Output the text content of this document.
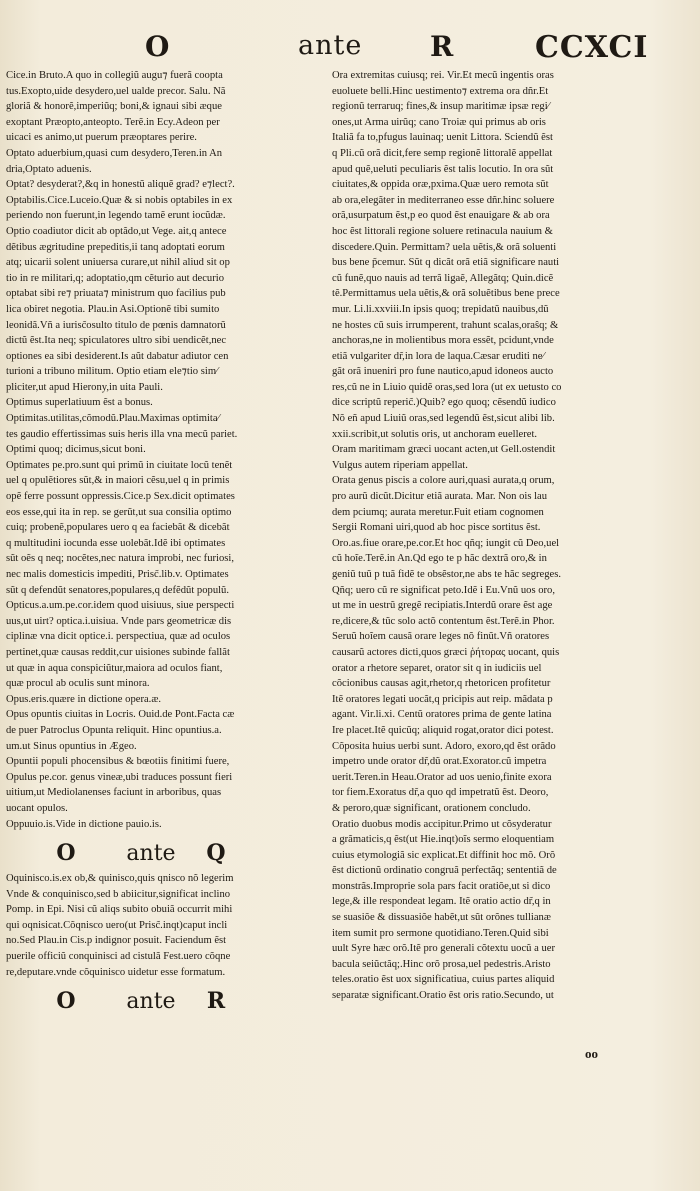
O	ante R	CCXCI

Cice.in Bruto.A quo in collegiũ augu⁊ fuerã coopta

tus.Exopto,uide desydero,uel ualde precor. Salu. Nã

gloriã & honorẽ,imperiũq; boni,& ignaui sibi æque

exoptant Præopto,anteopto. Terẽ.in Ecy.Adeon per

uicaci es animo,ut puerum præoptares perire.

Optato aduerbium,quasi cum desydero,Teren.in An

dria,Optato aduenis.

Optat? desyderat?,&q in honestũ aliquẽ grad? e⁊lect?.

Optabilis.Cice.Luceio.Quæ & si nobis optabiles in ex

periendo non fuerunt,in legendo tamẽ erunt iocũdæ.

Optio coadiutor dicit ab optãdo,ut Vege. ait,q antece

dẽtibus ægritudine prepeditis,ii tanq adoptati eorum

atq; uicarii solent uniuersa curare,ut nihil aliud sit op

tio in re militari,q; adoptatio,qm cẽturio aut decurio

optabat sibi re⁊ priuata⁊ ministrum quo facilius pub

lica obiret negotia. Plau.in Asi.Optionẽ tibi sumito

leonidã.Vñ a iurisc̃osulto titulo de pœnis damnatorũ

dictũ ẽst.Ita neq; spiculatores ultro sibi uendicẽt,nec

optiones ea sibi desiderent.Is aũt dabatur adiutor cen

turioni a tribuno militum. Optio etiam ele⁊tio sim⁄

pliciter,ut apud Hierony,in uita Pauli.

Optimus superlatiuum ẽst a bonus.

Optimitas.utilitas,cõmodũ.Plau.Maximas optimita⁄

tes gaudio effertissimas suis heris illa vna mecũ pariet.

Optimi quoq; dicimus,sicut boni.

Optimates pe.pro.sunt qui primũ in ciuitate locũ tenẽt

uel q opulẽtiores sũt,& in maiori cẽsu,uel q in primis

opẽ ferre possunt oppressis.Cice.p Sex.dicit optimates

eos esse,qui ita in rep. se gerũt,ut sua consilia optimo

cuiq; probenẽ,populares uero q ea faciebãt & dicebãt

q multitudini iocunda esse uolebãt.Idẽ ibi optimates

sũt oẽs q neq; nocẽtes,nec natura improbi, nec furiosi,

nec malis domesticis impediti, Prisc̃.lib.v. Optimates

sũt q defendũt senatores,populares,q defẽdũt populũ.

Opticus.a.um.pe.cor.idem quod uisiuus, siue perspecti

uus,ut uirt? optica.i.uisiua. Vnde pars geometricæ dis

ciplinæ vna dicit optice.i. perspectiua, quæ ad oculos

pertinet,quæ causas reddit,cur uisiones subinde fallãt

ut quæ in aqua conspiciũtur,maiora ad oculos fiant,

quæ procul ab oculis sunt minora.

Opus.eris.quære in dictione opera.æ.

Opus opuntis ciuitas in Locris. Ouid.de Pont.Facta cæ

de puer Patroclus Opunta reliquit. Hinc opuntius.a.

um.ut Sinus opuntius in Ægeo.

Opuntii populi phocensibus & bœotiis finitimi fuere,

Opulus pe.cor. genus vineæ,ubi traduces possunt fieri

uitium,ut Mediolanenses faciunt in arboribus, quas

uocant opulos.

Oppuuio.is.Vide in dictione pauio.is.

O ante Q

Oquinisco.is.ex ob,& quinisco,quis qnisco nõ legerim

Vnde & conquinisco,sed b abiicitur,significat inclino

Pomp. in Epi. Nisi cũ aliqs subito obuiã occurrit mihi

qui oqnisicat.Cõqnisco uero(ut Prisc̃.inqt)caput incli

no.Sed Plau.in Cis.p indignor posuit. Faciendum ẽst

puerile officiũ conquinisci ad cistulã Fest.uero cõqne

re,deputare.vnde cõquinisco uidetur esse formatum.

O ante R

Ora extremitas cuiusq; rei. Vir.Et mecũ ingentis oras

euoluete belli.Hinc uestimento⁊ extrema ora dñr.Et

regionũ terraruq; fines,& insup maritimæ ipsæ regi⁄

ones,ut Arma uirũq; cano Troiæ qui primus ab oris

Italiã fa to,pfugus lauinaq; uenit Littora. Sciendũ ẽst

q Pli.cũ orã dicit,fere semp regionẽ littoralẽ appellat

apud quẽ,ueluti peculiaris ẽst talis locutio. In ora sũt

ciuitates,& oppida oræ,pxima.Quæ uero remota sũt

ab ora,elegãter in mediterraneo esse dñr.hinc soluere

orã,usurpatum ẽst,p eo quod ẽst enauigare & ab ora

hoc ẽst littorali regione soluere retinacula nauium &

discedere.Quin. Permittam? uela uẽtis,& orã soluenti

bus bene p̃cemur. Sũt q dicãt orã etiã significare nauti

cũ funẽ,quo nauis ad terrã ligaẽ, Allegãtq; Quin.dicẽ

tẽ.Permittamus uela uẽtis,& orã soluẽtibus bene prece

mur. Li.li.xxviii.In ipsis quoq; trepidatũ nauibus,dũ

ne hostes cũ suis irrumperent, trahunt scalas,oraŝq; &

anchoras,ne in molientibus mora essẽt, pcidunt,vnde

etiã vulgariter dr̃,in lora de laqua.Cæsar eruditi ne⁄

gãt orã inueniri pro fune nautico,apud idoneos aucto

res,cũ ne in Liuio quidẽ oras,sed lora (ut ex uetusto co

dice scriptũ reperic̃.)Quib? ego quoq; cẽsendũ iudico

Nõ eñ apud Liuiũ oras,sed legendũ ẽst,sicut alibi lib.

xxii.scribit,ut solutis oris, ut anchoram euelleret.

Oram maritimam græci uocant acten,ut Gell.ostendit

Vulgus autem riperiam appellat.

Orata genus piscis a colore auri,quasi aurata,q orum,

pro aurũ dicũt.Dicitur etiã aurata. Mar. Non ois lau

dem pciumq; aurata meretur.Fuit etiam cognomen

Sergii Romani uiri,quod ab hoc pisce sortitus ẽst.

Oro.as.fiue orare,pe.cor.Et hoc qñq; iungit cũ Deo,uel

cũ hoĩe.Terẽ.in An.Qd ego te p hãc dextrã oro,& in

geniũ tuũ p tuã fidẽ te obsẽstor,ne abs te hãc segreges.

Qñq; uero cũ re significat peto.Idẽ i Eu.Vnũ uos oro,

ut me in uestrũ gregẽ recipiatis.Interdũ orare ẽst age

re,dicere,& tũc solo actõ contentum ẽst.Terẽ.in Phor.

Seruũ hoĩem causã orare leges nõ finũt.Vñ oratores

causarũ actores dicti,quos græci ῥήτορας uocant, quis

orator a rhetore separet, orator sit q in iudiciis uel

cõcionibus causas agit,rhetor,q rhetoricen profitetur

Itẽ oratores legati uocãt,q pricipis aut reip. mãdata p

agant. Vir.li.xi. Centũ oratores prima de gente latina

Ire placet.Itẽ quicũq; aliquid rogat,orator dici potest.

Cõposita huius uerbi sunt. Adoro, exoro,qd ẽst orãdo

impetro unde orator dr̃,dũ orat.Exorator.cũ impetra

uerit.Teren.in Heau.Orator ad uos uenio,finite exora

tor fiem.Exoratus dr̃,a quo qd impetratũ ẽst. Deoro,

& peroro,quæ significant, orationem concludo.

Oratio duobus modis accipitur.Primo ut cõsyderatur

a grãmaticis,q ẽst(ut Hie.inqt)oĩs sermo eloquentiam

cuius etymologiã sic explicat.Et diffinit hoc mõ. Orõ

ẽst dictionũ ordinatio congruã perfectãq; sententiã de

monstrãs.Improprie sola pars facit oratiõe,ut si dico

lege,& ille respondeat legam. Itẽ oratio actio dr̃,q in

se suasiõe & dissuasiõe habẽt,ut sũt orõnes tullianæ

item sumit pro sermone quotidiano.Teren.Quid sibi

uult Syre hæc orõ.Itẽ pro generali cõtextu uocũ a uer

bacula seiũctãq;.Hinc orõ prosa,uel pedestris.Aristo

teles.oratio ẽst uox significatiua, cuius partes aliquid

separatæ significant.Oratio ẽst oris ratio.Secundo, ut

oo
